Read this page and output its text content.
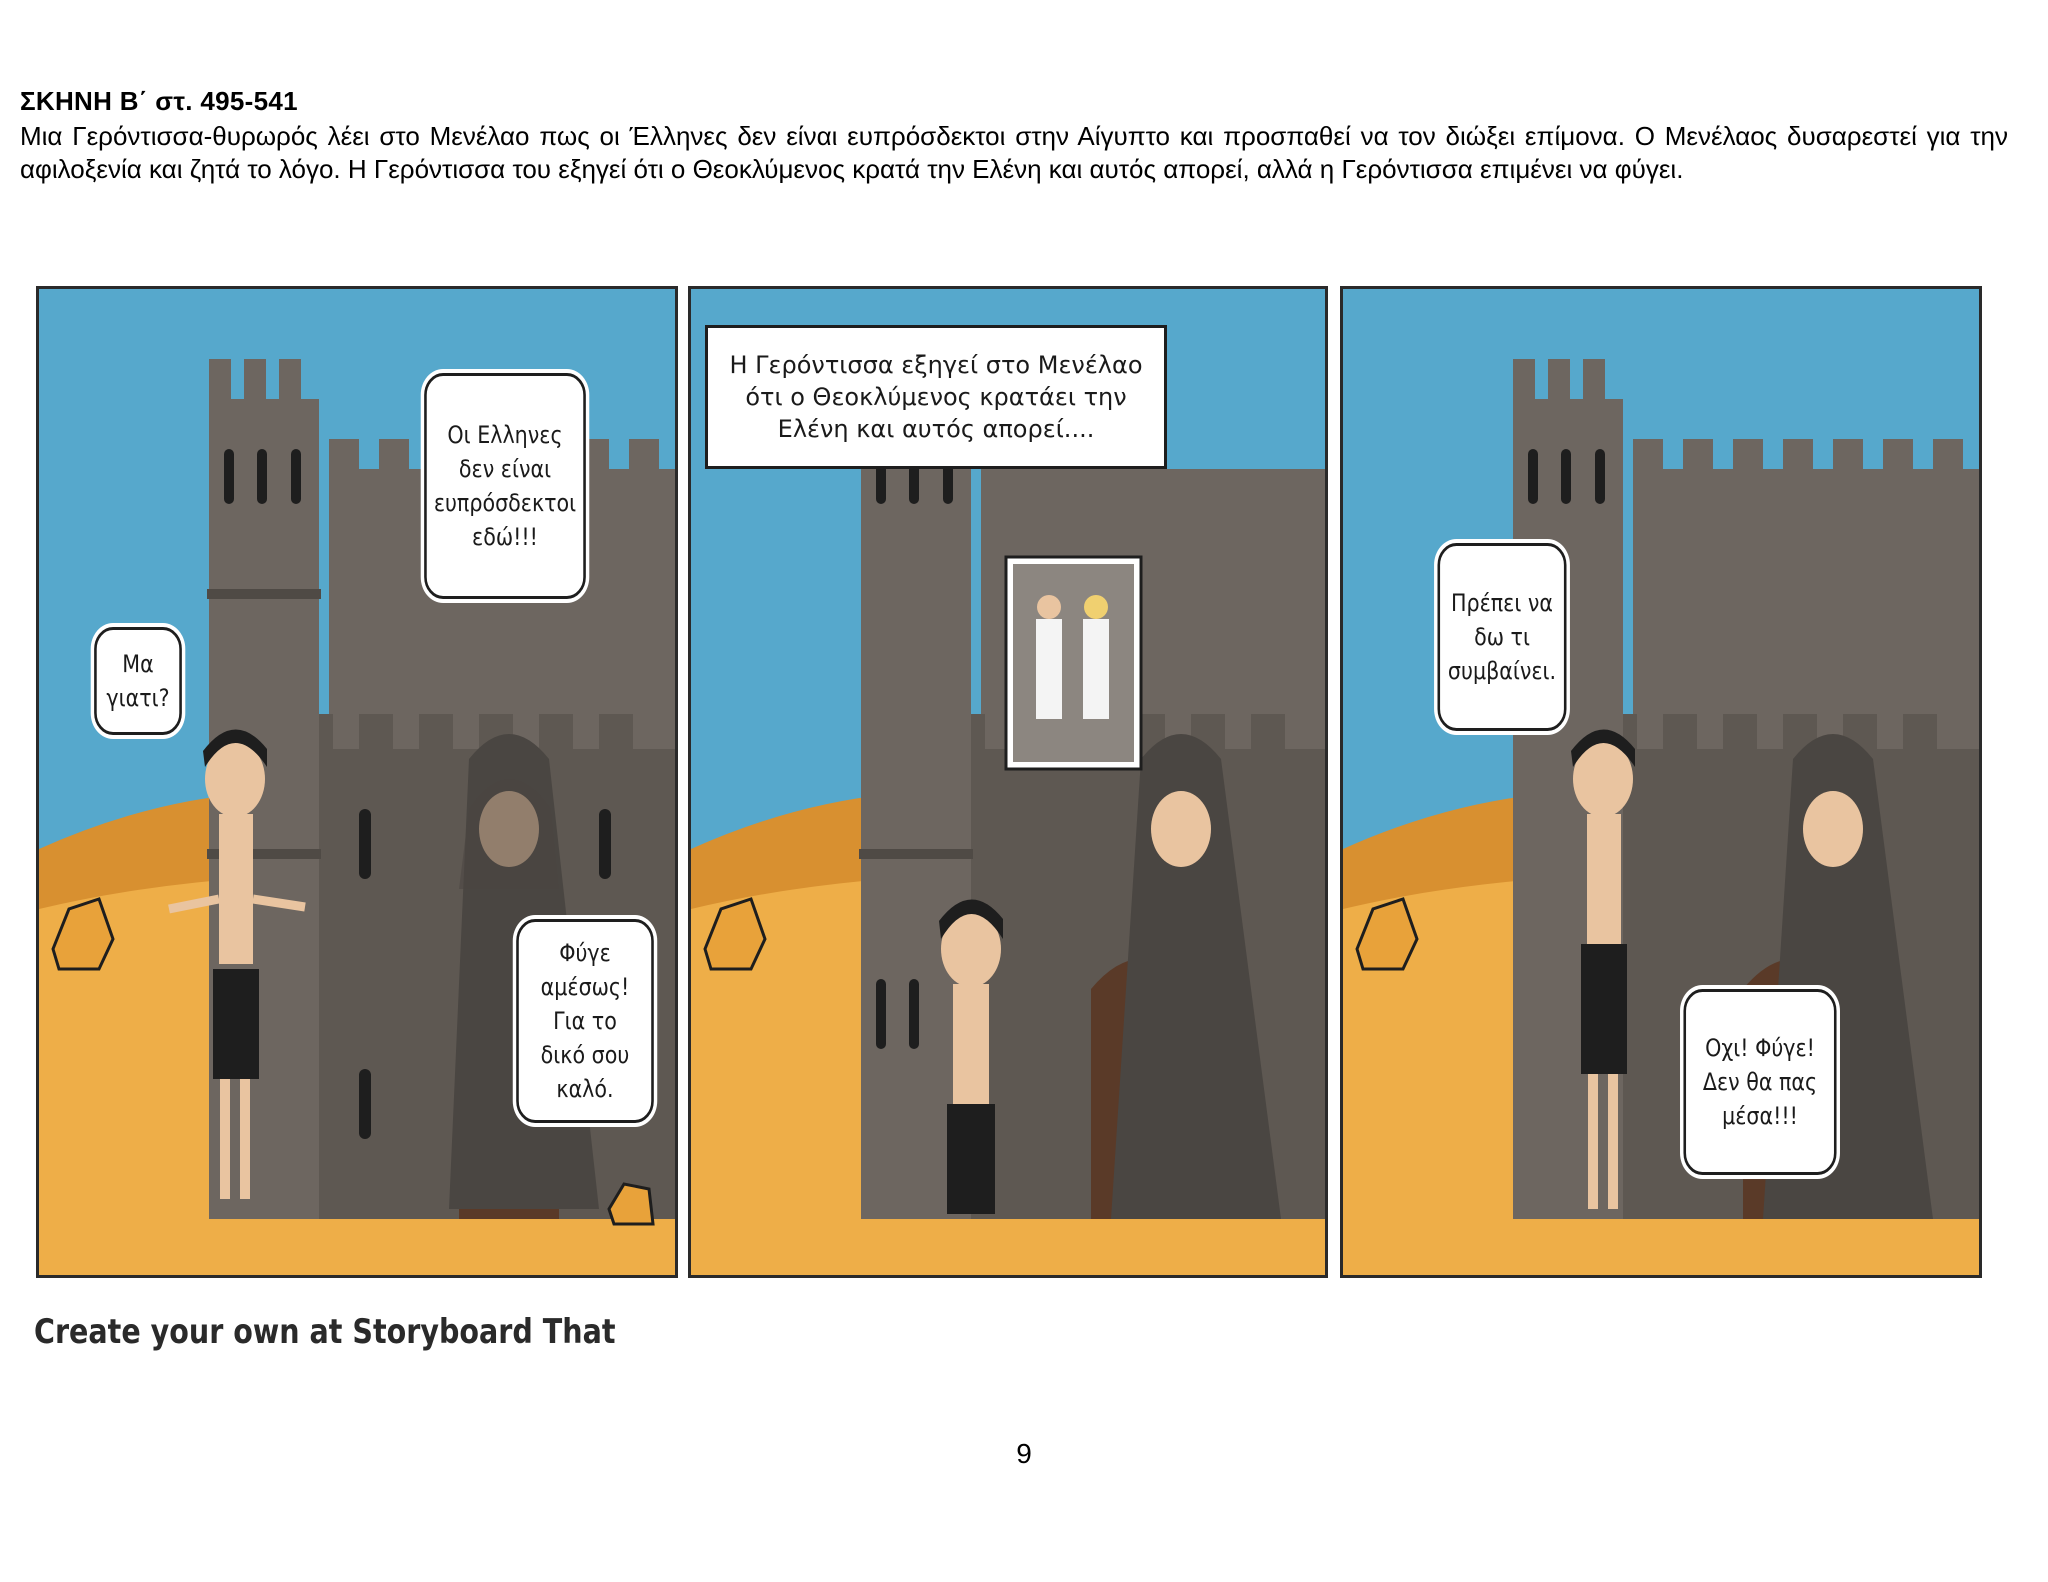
ΣΚΗΝΗ Β΄ στ. 495-541
Μια Γερόντισσα-θυρωρός λέει στο Μενέλαο πως οι Έλληνες δεν είναι ευπρόσδεκτοι στην Αίγυπτο και προσπαθεί να τον διώξει επίμονα. Ο Μενέλαος δυσαρεστεί για την αφιλοξενία και ζητά το λόγο. Η Γερόντισσα του εξηγεί ότι ο Θεοκλύμενος κρατά την Ελένη και αυτός απορεί, αλλά η Γερόντισσα επιμένει να φύγει.
Μα γιατι?
Οι Ελληνες δεν είναι ευπρόσδεκτοι εδώ!!!
Φύγε αμέσως! Για το δικό σου καλό.
Η Γερόντισσα εξηγεί στο Μενέλαο ότι ο Θεοκλύμενος κρατάει την Ελένη και αυτός απορεί....
Πρέπει να δω τι συμβαίνει.
Οχι! Φύγε! Δεν θα πας μέσα!!!
Create your own at Storyboard That
9
